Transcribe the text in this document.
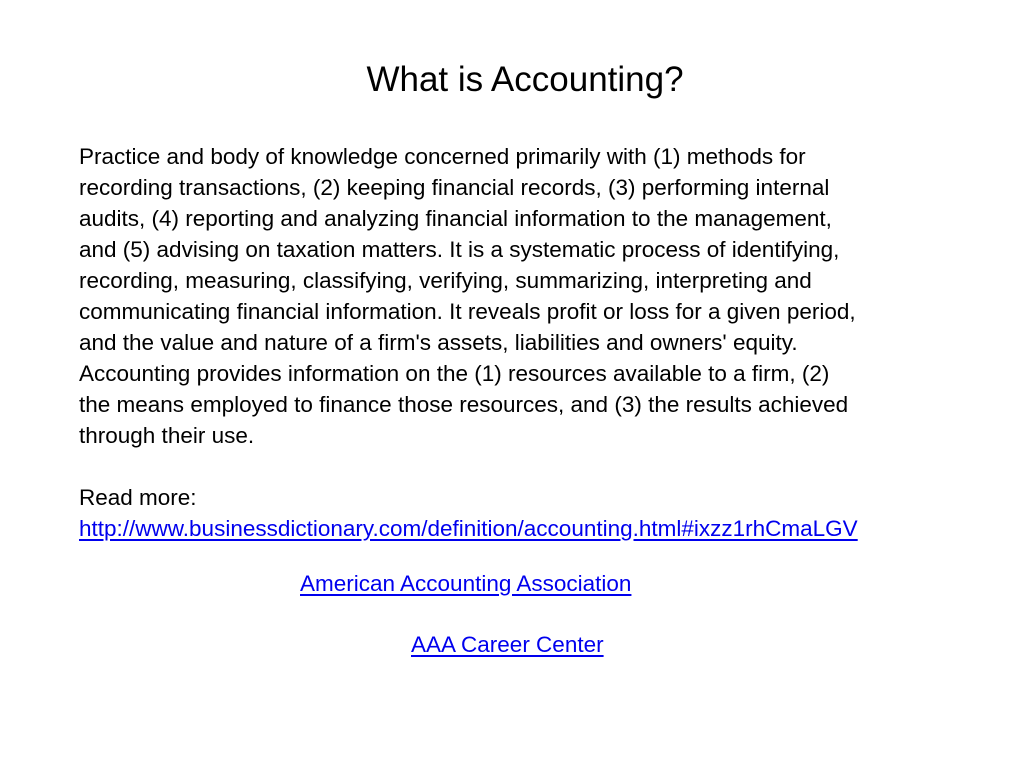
What is Accounting?
Practice and body of knowledge concerned primarily with (1) methods for
recording transactions, (2) keeping financial records, (3) performing internal
audits, (4) reporting and analyzing financial information to the management,
and (5) advising on taxation matters. It is a systematic process of identifying,
recording, measuring, classifying, verifying, summarizing, interpreting and
communicating financial information. It reveals profit or loss for a given period,
and the value and nature of a firm's assets, liabilities and owners' equity.
Accounting provides information on the (1) resources available to a firm, (2)
the means employed to finance those resources, and (3) the results achieved
through their use.
Read more:
http://www.businessdictionary.com/definition/accounting.html#ixzz1rhCmaLGV
American Accounting Association
AAA Career Center
